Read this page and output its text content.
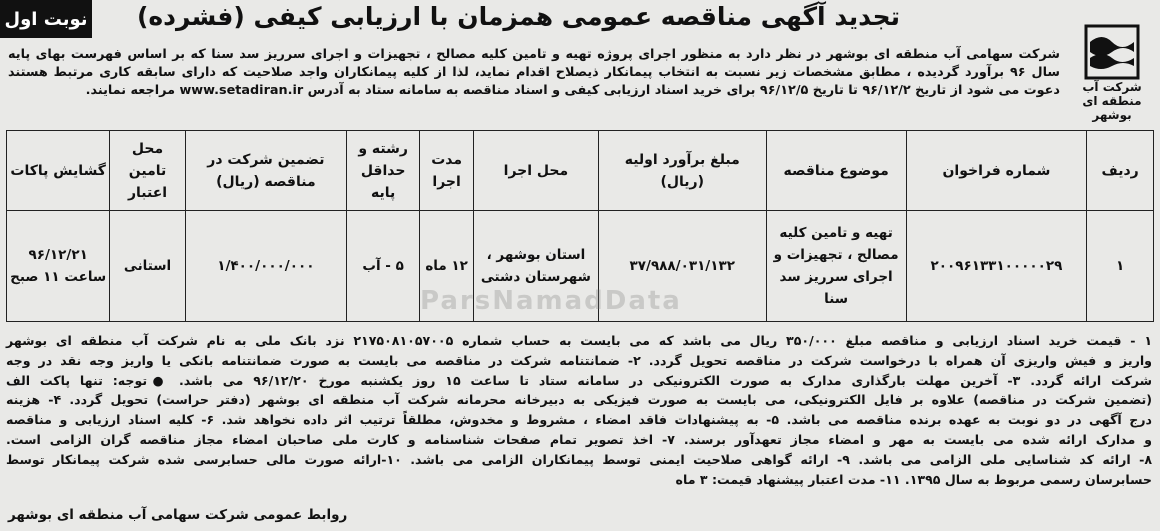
تجدید آگهی مناقصه عمومی همزمان با ارزیابی کیفی (فشرده)
نوبت اول
شرکت آب
منطقه ای بوشهر
شرکت سهامی آب منطقه ای بوشهر در نظر دارد به منظور اجرای پروژه تهیه و تامین کلیه مصالح ، تجهیزات و اجرای سرریز سد سنا که بر اساس فهرست بهای پایه
سال ۹۶ برآورد گردیده ، مطابق مشخصات زیر نسبت به انتخاب پیمانکار ذیصلاح اقدام نماید، لذا از کلیه پیمانکاران واجد صلاحیت که دارای سابقه کاری مرتبط هستند
دعوت می شود از تاریخ ۹۶/۱۲/۲ تا تاریخ ۹۶/۱۲/۵ برای خرید اسناد ارزیابی کیفی و اسناد مناقصه به سامانه ستاد به آدرس www.setadiran.ir مراجعه نمایند.
ردیف	شماره فراخوان	موضوع مناقصه	مبلغ برآورد اولیه (ریال)	محل اجرا	مدت اجرا	رشته و حداقل پایه	تضمین شرکت در مناقصه (ریال)	محل تامین اعتبار	گشایش پاکات
۱	۲۰۰۹۶۱۳۳۱۰۰۰۰۰۲۹	تهیه و تامین کلیه مصالح ، تجهیزات و اجرای سرریز سد سنا	۳۷/۹۸۸/۰۳۱/۱۳۲	استان بوشهر ، شهرستان دشتی	۱۲ ماه	۵ - آب	۱/۴۰۰/۰۰۰/۰۰۰	استانی	۹۶/۱۲/۲۱ ساعت ۱۱ صبح
ParsNamadData

۱ - قیمت خرید اسناد ارزیابی و مناقصه مبلغ ۳۵۰/۰۰۰ ریال می باشد که می بایست به حساب شماره ۲۱۷۵۰۸۱۰۵۷۰۰۵ نزد بانک ملی به نام شرکت آب منطقه ای بوشهر

واریز و فیش واریزی آن همراه با درخواست شرکت در مناقصه تحویل گردد. ۲- ضمانتنامه شرکت در مناقصه می بایست به صورت ضمانتنامه بانکی یا واریز وجه نقد در وجه

شرکت ارائه گردد. ۳- آخرین مهلت بارگذاری مدارک به صورت الکترونیکی در سامانه ستاد تا ساعت ۱۵ روز یکشنبه مورخ ۹۶/۱۲/۲۰ می باشد. ●توجه: تنها پاکت الف

(تضمین شرکت در مناقصه) علاوه بر فایل الکترونیکی، می بایست به صورت فیزیکی به دبیرخانه محرمانه شرکت آب منطقه ای بوشهر (دفتر حراست) تحویل گردد. ۴- هزینه

درج آگهی در دو نوبت به عهده برنده مناقصه می باشد. ۵- به پیشنهادات فاقد امضاء ، مشروط و مخدوش، مطلقاً ترتیب اثر داده نخواهد شد. ۶- کلیه اسناد ارزیابی و مناقصه

و مدارک ارائه شده می بایست به مهر و امضاء مجاز تعهدآور برسند. ۷- اخذ تصویر تمام صفحات شناسنامه و کارت ملی صاحبان امضاء مجاز مناقصه گران الزامی است.

۸- ارائه کد شناسایی ملی الزامی می باشد. ۹- ارائه گواهی صلاحیت ایمنی توسط پیمانکاران الزامی می باشد. ۱۰-ارائه صورت مالی حسابرسی شده شرکت پیمانکار توسط

حسابرسان رسمی مربوط به سال ۱۳۹۵. ۱۱- مدت اعتبار پیشنهاد قیمت: ۳ ماه

روابط عمومی شرکت سهامی آب منطقه ای بوشهر
